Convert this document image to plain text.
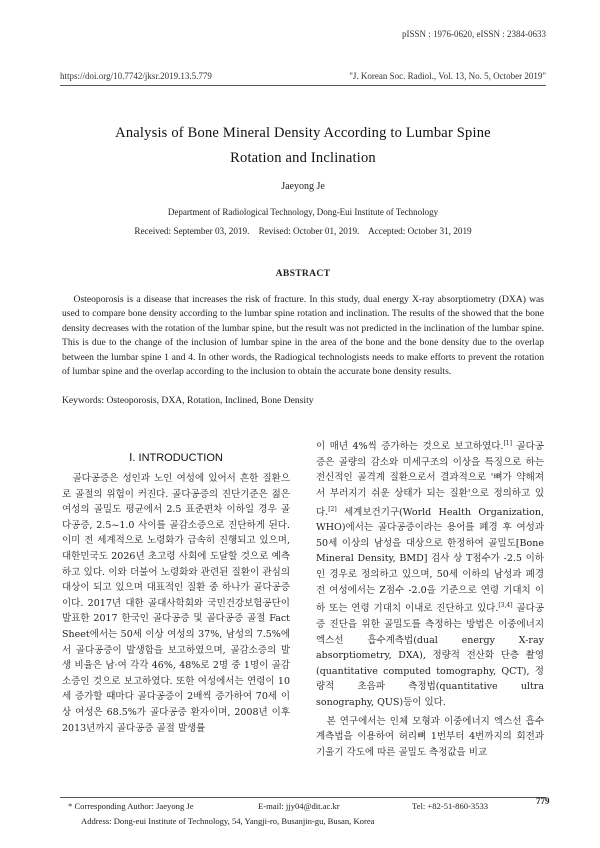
pISSN : 1976-0620, eISSN : 2384-0633
https://doi.org/10.7742/jksr.2019.13.5.779	"J. Korean Soc. Radiol., Vol. 13, No. 5, October 2019"
Analysis of Bone Mineral Density According to Lumbar Spine
Rotation and Inclination
Jaeyong Je
Department of Radiological Technology, Dong-Eui Institute of Technology
Received: September 03, 2019.    Revised: October 01, 2019.    Accepted: October 31, 2019
ABSTRACT
Osteoporosis is a disease that increases the risk of fracture. In this study, dual energy X-ray absorptiometry (DXA) was used to compare bone density according to the lumbar spine rotation and inclination. The results of the showed that the bone density decreases with the rotation of the lumbar spine, but the result was not predicted in the inclination of the lumbar spine. This is due to the change of the inclusion of lumbar spine in the area of the bone and the bone density due to the overlap between the lumbar spine 1 and 4. In other words, the Radiogical technologists needs to make efforts to prevent the rotation of lumbar spine and the overlap according to the inclusion to obtain the accurate bone density results.
Keywords: Osteoporosis, DXA, Rotation, Inclined, Bone Density
Ⅰ. INTRODUCTION

골다공증은 성인과 노인 여성에 있어서 흔한 질환으로 골절의 위험이 커진다. 골다공증의 진단기준은 젊은 여성의 골밀도 평균에서 2.5 표준편차 이하일 경우 골다공증, 2.5~1.0 사이를 골감소증으로 진단하게 된다. 이미 전 세계적으로 노령화가 급속히 진행되고 있으며, 대한민국도 2026년 초고령 사회에 도달할 것으로 예측하고 있다. 이와 더불어 노령화와 관련된 질환이 관심의 대상이 되고 있으며 대표적인 질환 중 하나가 골다공증이다. 2017년 대한 골대사학회와 국민건강보험공단이 발표한 2017 한국인 골다공증 및 골다공증 골절 Fact Sheet에서는 50세 이상 여성의 37%, 남성의 7.5%에서 골다공증이 발생함을 보고하였으며, 골감소증의 발생 비율은 남·여 각각 46%, 48%로 2명 중 1명이 골감소증인 것으로 보고하였다. 또한 여성에서는 연령이 10세 증가할 때마다 골다공증이 2배씩 증가하여 70세 이상 여성은 68.5%가 골다공증 환자이며, 2008년 이후 2013년까지 골다공증 골절 발생률

이 매년 4%씩 증가하는 것으로 보고하였다.[1] 골다공증은 골량의 감소와 미세구조의 이상을 특징으로 하는 전신적인 골격계 질환으로서 결과적으로 '뼈가 약해져서 부러지기 쉬운 상태가 되는 질환'으로 정의하고 있다.[2] 세계보건기구(World Health Organization, WHO)에서는 골다공증이라는 용어를 폐경 후 여성과 50세 이상의 남성을 대상으로 한정하여 골밀도[Bone Mineral Density, BMD] 검사 상 T점수가 -2.5 이하인 경우로 정의하고 있으며, 50세 이하의 남성과 폐경 전 여성에서는 Z점수 -2.0을 기준으로 연령 기대치 이하 또는 연령 기대치 이내로 진단하고 있다.[3,4] 골다공증 진단을 위한 골밀도를 측정하는 방법은 이중에너지 엑스선 흡수계측법(dual energy X-ray absorptiometry, DXA), 정량적 전산화 단층 촬영(quantitative computed tomography, QCT), 정량적 초음파 측정법(quantitative ultra sonography, QUS)등이 있다.

본 연구에서는 인체 모형과 이중에너지 엑스선 흡수계측법을 이용하여 허리뼈 1번부터 4번까지의 회전과 기울기 각도에 따른 골밀도 측정값을 비교

* Corresponding Author: Jaeyong Je	E-mail: jjy04@dit.ac.kr	Tel: +82-51-860-3533	779
Address: Dong-eui Institute of Technology, 54, Yangji-ro, Busanjin-gu, Busan, Korea
